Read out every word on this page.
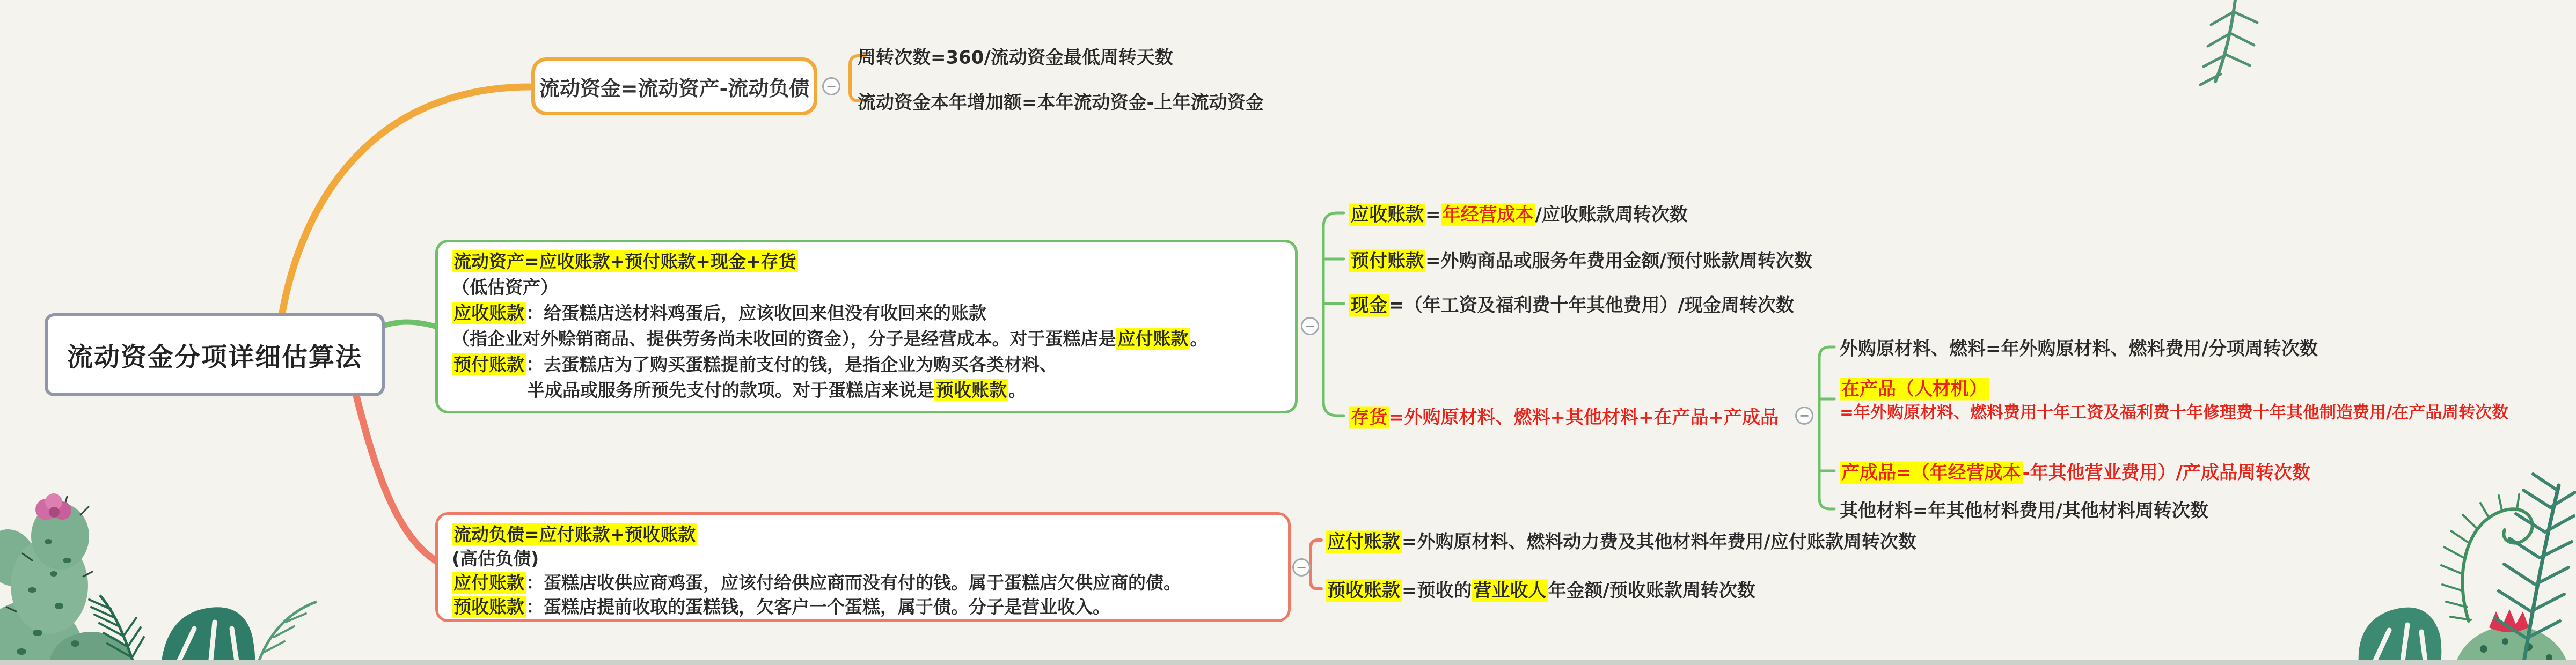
流动资金分项详细估算法
流动资金=流动资产-流动负债 −
周转次数=360/流动资金最低周转天数
流动资金本年增加额=本年流动资金-上年流动资金
流动资产=应收账款+预付账款+现金+存货
（低估资产）
应收账款：给蛋糕店送材料鸡蛋后，应该收回来但没有收回来的账款
（指企业对外赊销商品、提供劳务尚未收回的资金），分子是经营成本。对于蛋糕店是应付账款。
预付账款：去蛋糕店为了购买蛋糕提前支付的钱，是指企业为购买各类材料、
半成品或服务所预先支付的款项。对于蛋糕店来说是预收账款。
−
应收账款=年经营成本/应收账款周转次数
预付账款=外购商品或服务年费用金额/预付账款周转次数
现金=（年工资及福利费十年其他费用）/现金周转次数
存货=外购原材料、燃料+其他材料+在产品+产成品 −
外购原材料、燃料=年外购原材料、燃料费用/分项周转次数
在产品（人材机）
=年外购原材料、燃料费用十年工资及福利费十年修理费十年其他制造费用/在产品周转次数
产成品=（年经营成本-年其他营业费用）/产成品周转次数
其他材料=年其他材料费用/其他材料周转次数
流动负债=应付账款+预收账款
(高估负债)
应付账款：蛋糕店收供应商鸡蛋，应该付给供应商而没有付的钱。属于蛋糕店欠供应商的债。
预收账款：蛋糕店提前收取的蛋糕钱，欠客户一个蛋糕，属于债。分子是营业收入。
−
应付账款=外购原材料、燃料动力费及其他材料年费用/应付账款周转次数
预收账款=预收的营业收人年金额/预收账款周转次数
